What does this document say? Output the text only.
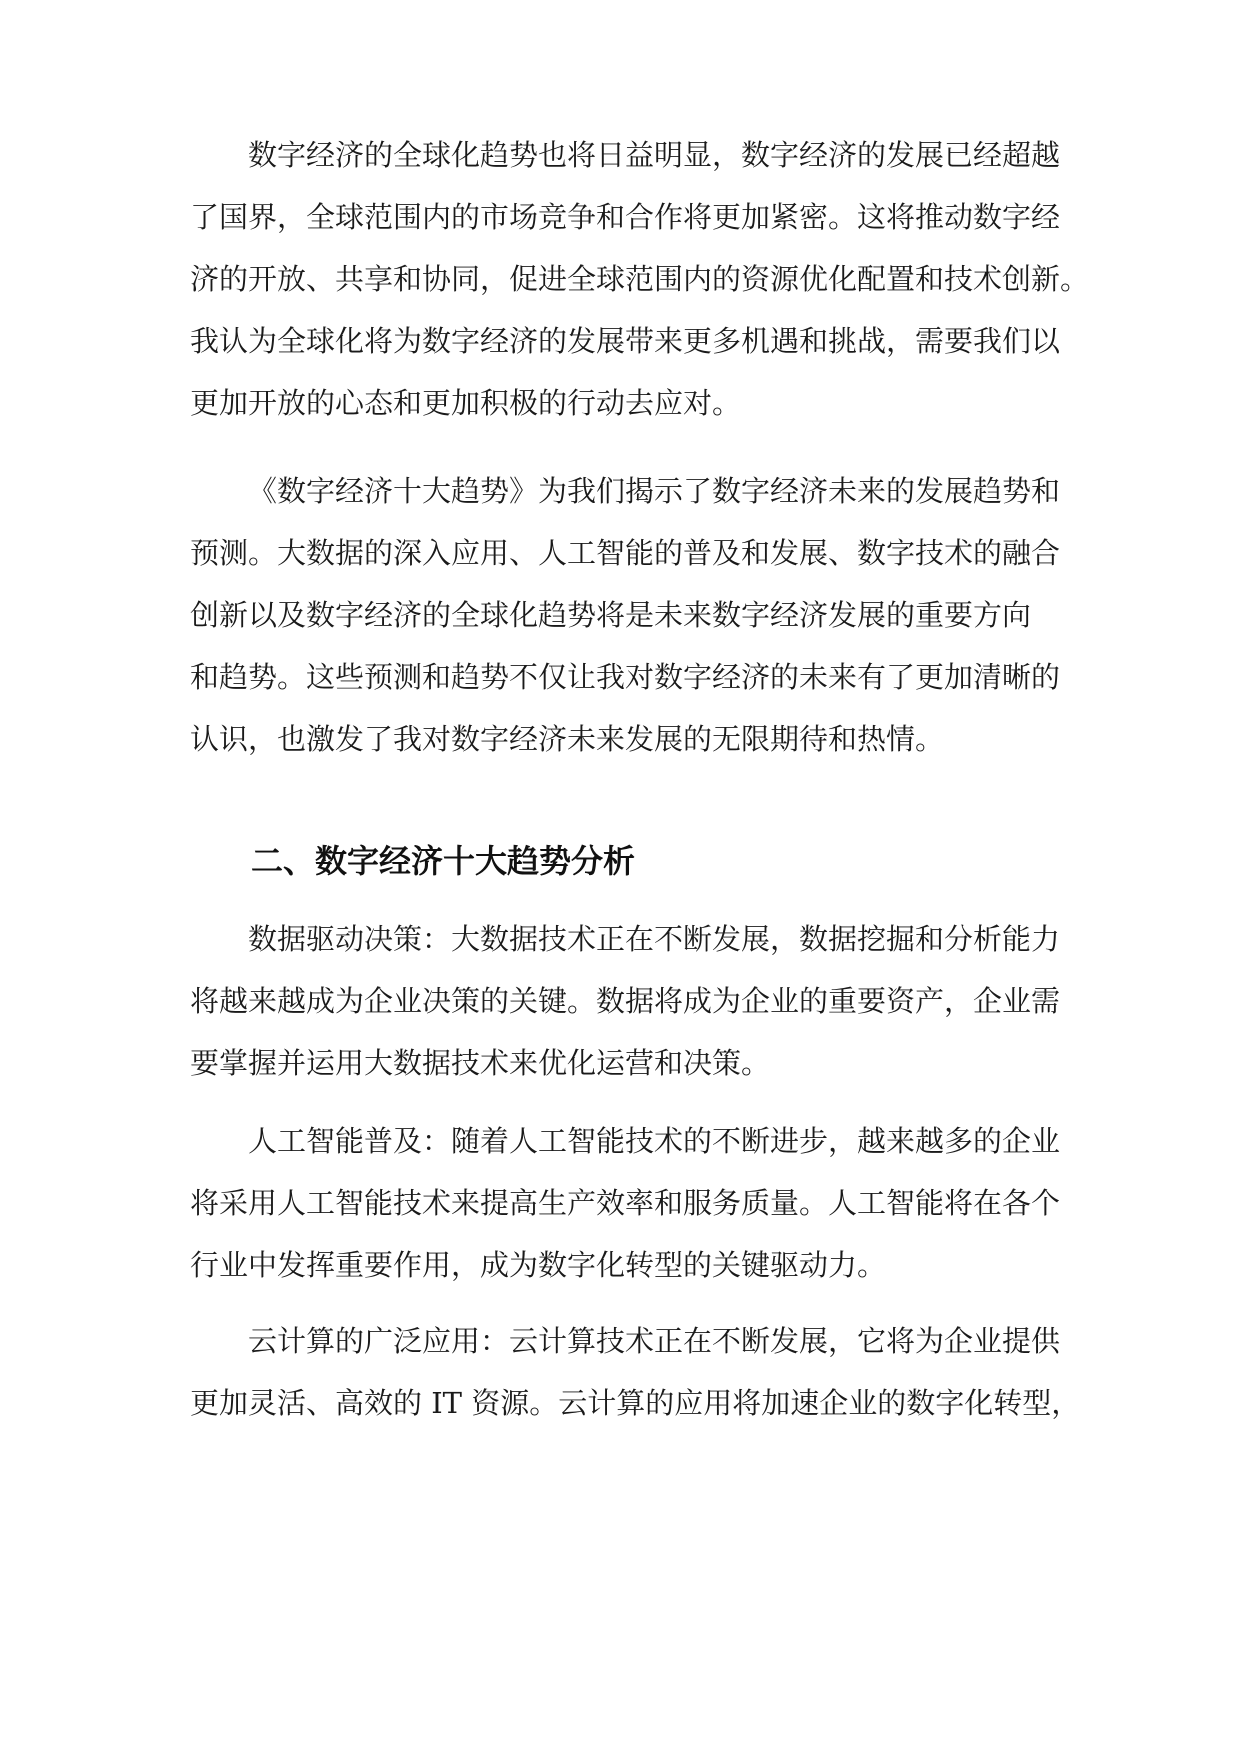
数字经济的全球化趋势也将日益明显，数字经济的发展已经超越
了国界，全球范围内的市场竞争和合作将更加紧密。这将推动数字经
济的开放、共享和协同，促进全球范围内的资源优化配置和技术创新。
我认为全球化将为数字经济的发展带来更多机遇和挑战，需要我们以
更加开放的心态和更加积极的行动去应对。
《数字经济十大趋势》为我们揭示了数字经济未来的发展趋势和
预测。大数据的深入应用、人工智能的普及和发展、数字技术的融合
创新以及数字经济的全球化趋势将是未来数字经济发展的重要方向
和趋势。这些预测和趋势不仅让我对数字经济的未来有了更加清晰的
认识，也激发了我对数字经济未来发展的无限期待和热情。
二、数字经济十大趋势分析
数据驱动决策：大数据技术正在不断发展，数据挖掘和分析能力
将越来越成为企业决策的关键。数据将成为企业的重要资产，企业需
要掌握并运用大数据技术来优化运营和决策。
人工智能普及：随着人工智能技术的不断进步，越来越多的企业
将采用人工智能技术来提高生产效率和服务质量。人工智能将在各个
行业中发挥重要作用，成为数字化转型的关键驱动力。
云计算的广泛应用：云计算技术正在不断发展，它将为企业提供
更加灵活、高效的 IT 资源。云计算的应用将加速企业的数字化转型，
